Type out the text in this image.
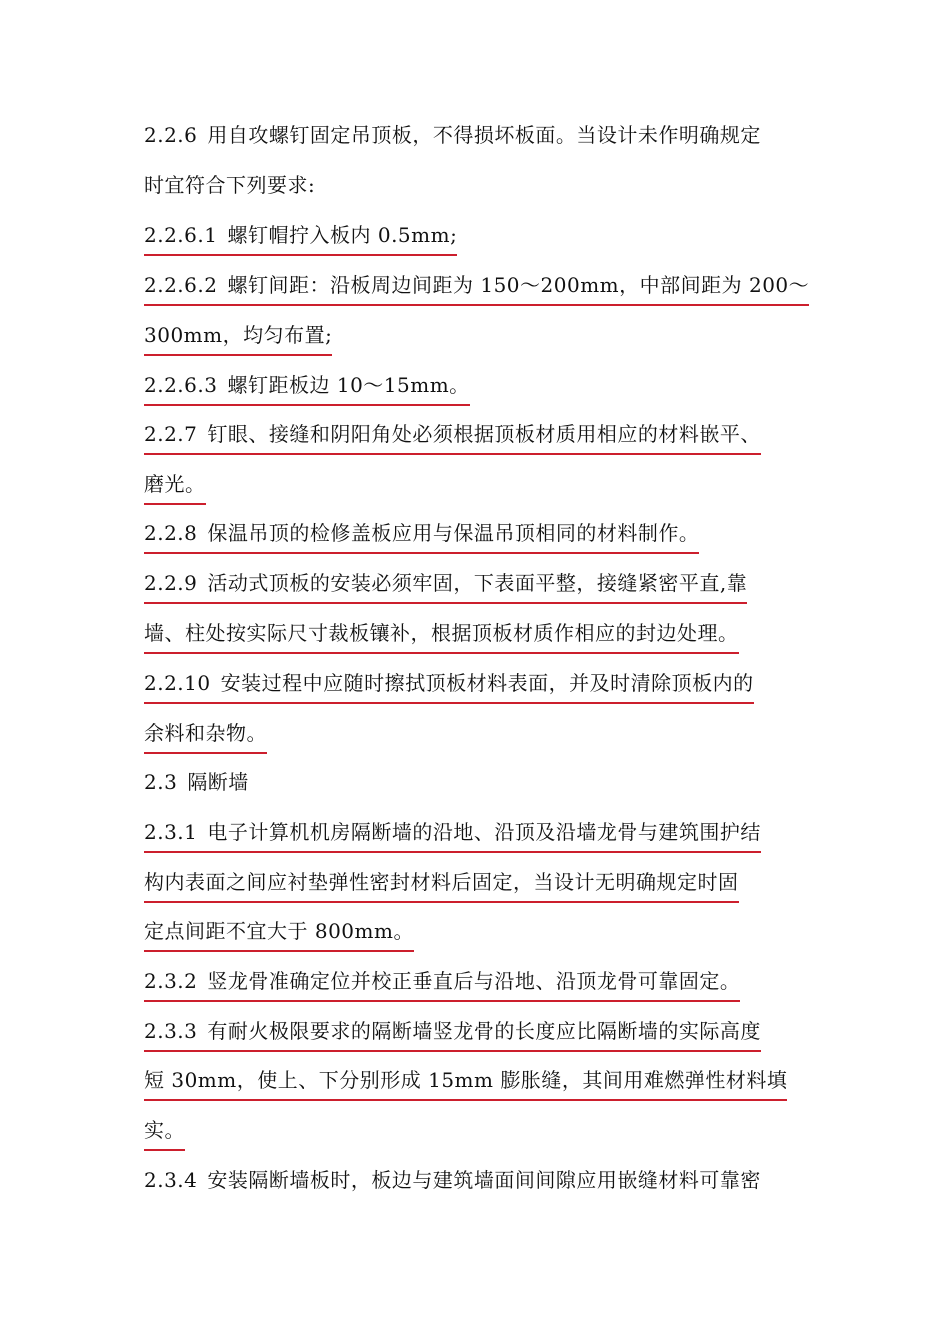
2.2.6 用自攻螺钉固定吊顶板，不得损坏板面。当设计未作明确规定
时宜符合下列要求:
2.2.6.1 螺钉帽拧入板内 0.5mm;
2.2.6.2 螺钉间距：沿板周边间距为 150～200mm，中部间距为 200～
300mm，均匀布置;
2.2.6.3 螺钉距板边 10～15mm。
2.2.7 钉眼、接缝和阴阳角处必须根据顶板材质用相应的材料嵌平、
磨光。
2.2.8 保温吊顶的检修盖板应用与保温吊顶相同的材料制作。
2.2.9 活动式顶板的安装必须牢固，下表面平整，接缝紧密平直,靠
墙、柱处按实际尺寸裁板镶补，根据顶板材质作相应的封边处理。
2.2.10 安装过程中应随时擦拭顶板材料表面，并及时清除顶板内的
余料和杂物。
2.3 隔断墙
2.3.1 电子计算机机房隔断墙的沿地、沿顶及沿墙龙骨与建筑围护结
构内表面之间应衬垫弹性密封材料后固定，当设计无明确规定时固
定点间距不宜大于 800mm。
2.3.2 竖龙骨准确定位并校正垂直后与沿地、沿顶龙骨可靠固定。
2.3.3 有耐火极限要求的隔断墙竖龙骨的长度应比隔断墙的实际高度
短 30mm，使上、下分别形成 15mm 膨胀缝，其间用难燃弹性材料填
实。
2.3.4 安装隔断墙板时，板边与建筑墙面间间隙应用嵌缝材料可靠密
